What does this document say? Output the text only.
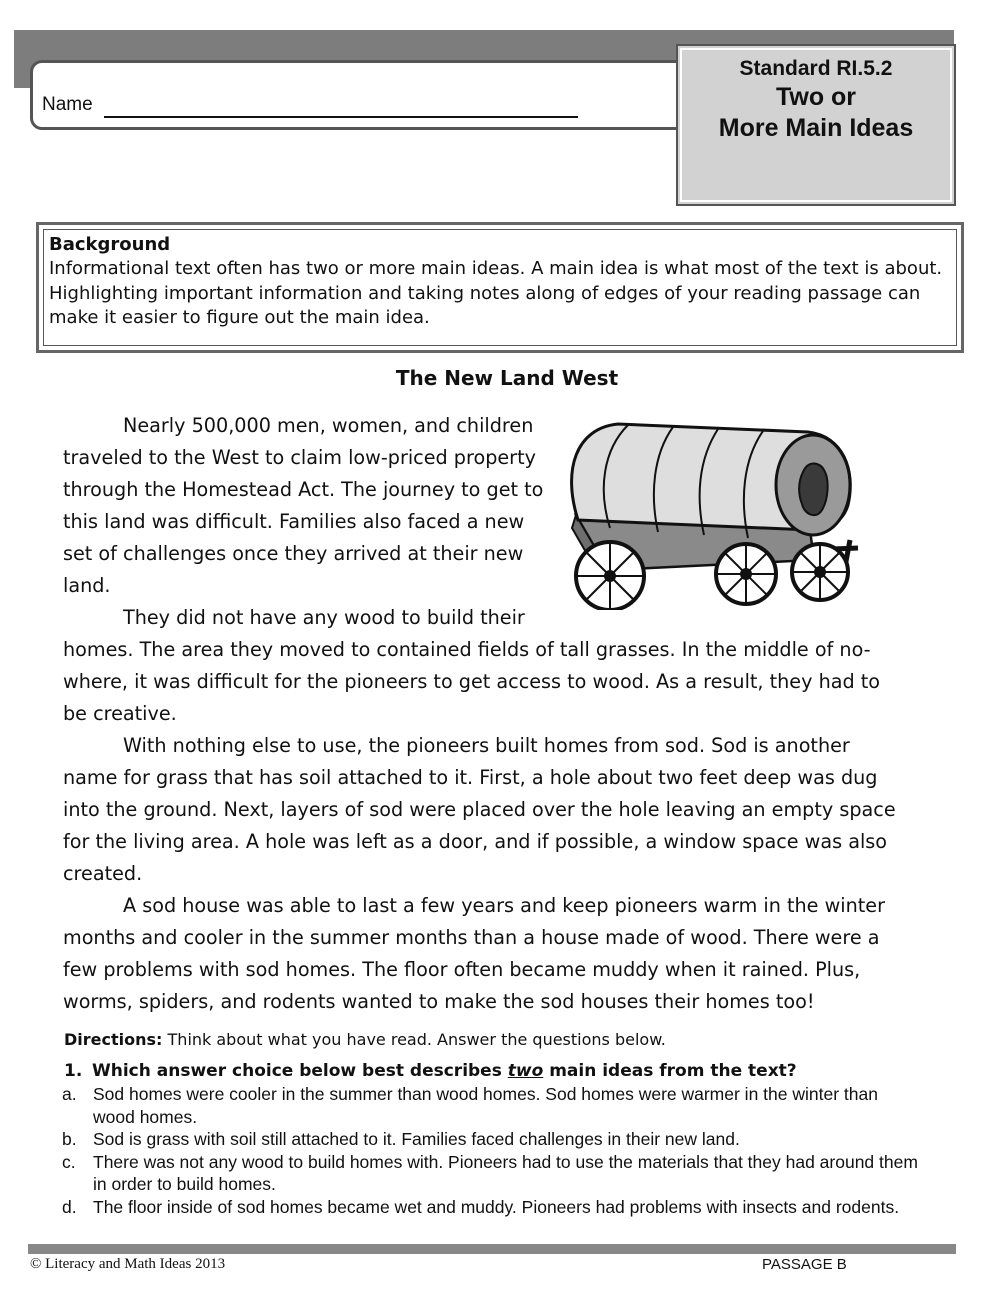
Name
Standard RI.5.2
Two or
More Main Ideas
Background
Informational text often has two or more main ideas. A main idea is what most of the text is about.
Highlighting important information and taking notes along of edges of your reading passage can
make it easier to figure out the main idea.
The New Land West
Nearly 500,000 men, women, and children
traveled to the West to claim low-priced property
through the Homestead Act. The journey to get to
this land was difficult. Families also faced a new
set of challenges once they arrived at their new
land.
They did not have any wood to build their
homes. The area they moved to contained fields of tall grasses. In the middle of no-
where, it was difficult for the pioneers to get access to wood. As a result, they had to
be creative.
With nothing else to use, the pioneers built homes from sod. Sod is another
name for grass that has soil attached to it. First, a hole about two feet deep was dug
into the ground. Next, layers of sod were placed over the hole leaving an empty space
for the living area. A hole was left as a door, and if possible, a window space was also
created.
A sod house was able to last a few years and keep pioneers warm in the winter
months and cooler in the summer months than a house made of wood. There were a
few problems with sod homes. The floor often became muddy when it rained. Plus,
worms, spiders, and rodents wanted to make the sod houses their homes too!
Directions: Think about what you have read. Answer the questions below.
1. Which answer choice below best describes two main ideas from the text?
a. Sod homes were cooler in the summer than wood homes. Sod homes were warmer in the winter than wood homes.
b. Sod is grass with soil still attached to it. Families faced challenges in their new land.
c. There was not any wood to build homes with. Pioneers had to use the materials that they had around them in order to build homes.
d. The floor inside of sod homes became wet and muddy. Pioneers had problems with insects and rodents.
© Literacy and Math Ideas 2013	PASSAGE B
